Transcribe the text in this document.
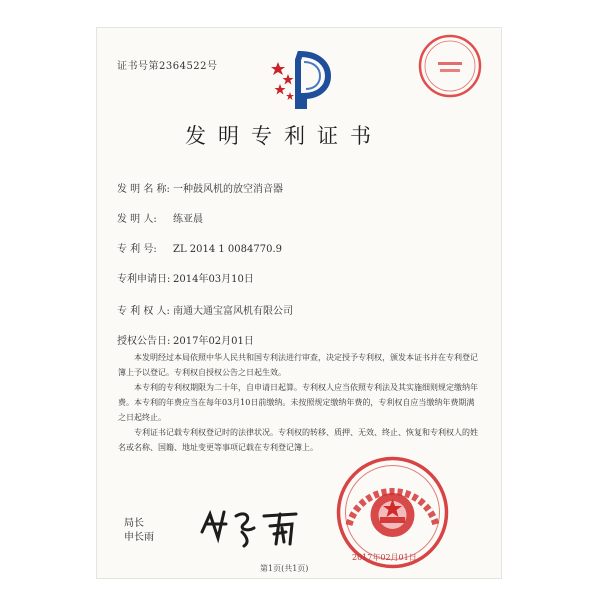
证书号第2364522号
发明专利证书
发 明 名 称: 一种鼓风机的放空消音器
发 明 人: 练亚晨
专 利 号: ZL 2014 1 0084770.9
专利申请日: 2014年03月10日
专 利 权 人: 南通大通宝富风机有限公司
授权公告日: 2017年02月01日

本发明经过本局依照中华人民共和国专利法进行审查，决定授予专利权，颁发本证书并在专利登记簿上予以登记。专利权自授权公告之日起生效。

本专利的专利权期限为二十年，自申请日起算。专利权人应当依照专利法及其实施细则规定缴纳年费。本专利的年费应当在每年03月10日前缴纳。未按照规定缴纳年费的，专利权自应当缴纳年费期满之日起终止。

专利证书记载专利权登记时的法律状况。专利权的转移、质押、无效、终止、恢复和专利权人的姓名或名称、国籍、地址变更等事项记载在专利登记簿上。

局长
申长雨
2017年02月01日
第1页(共1页)
